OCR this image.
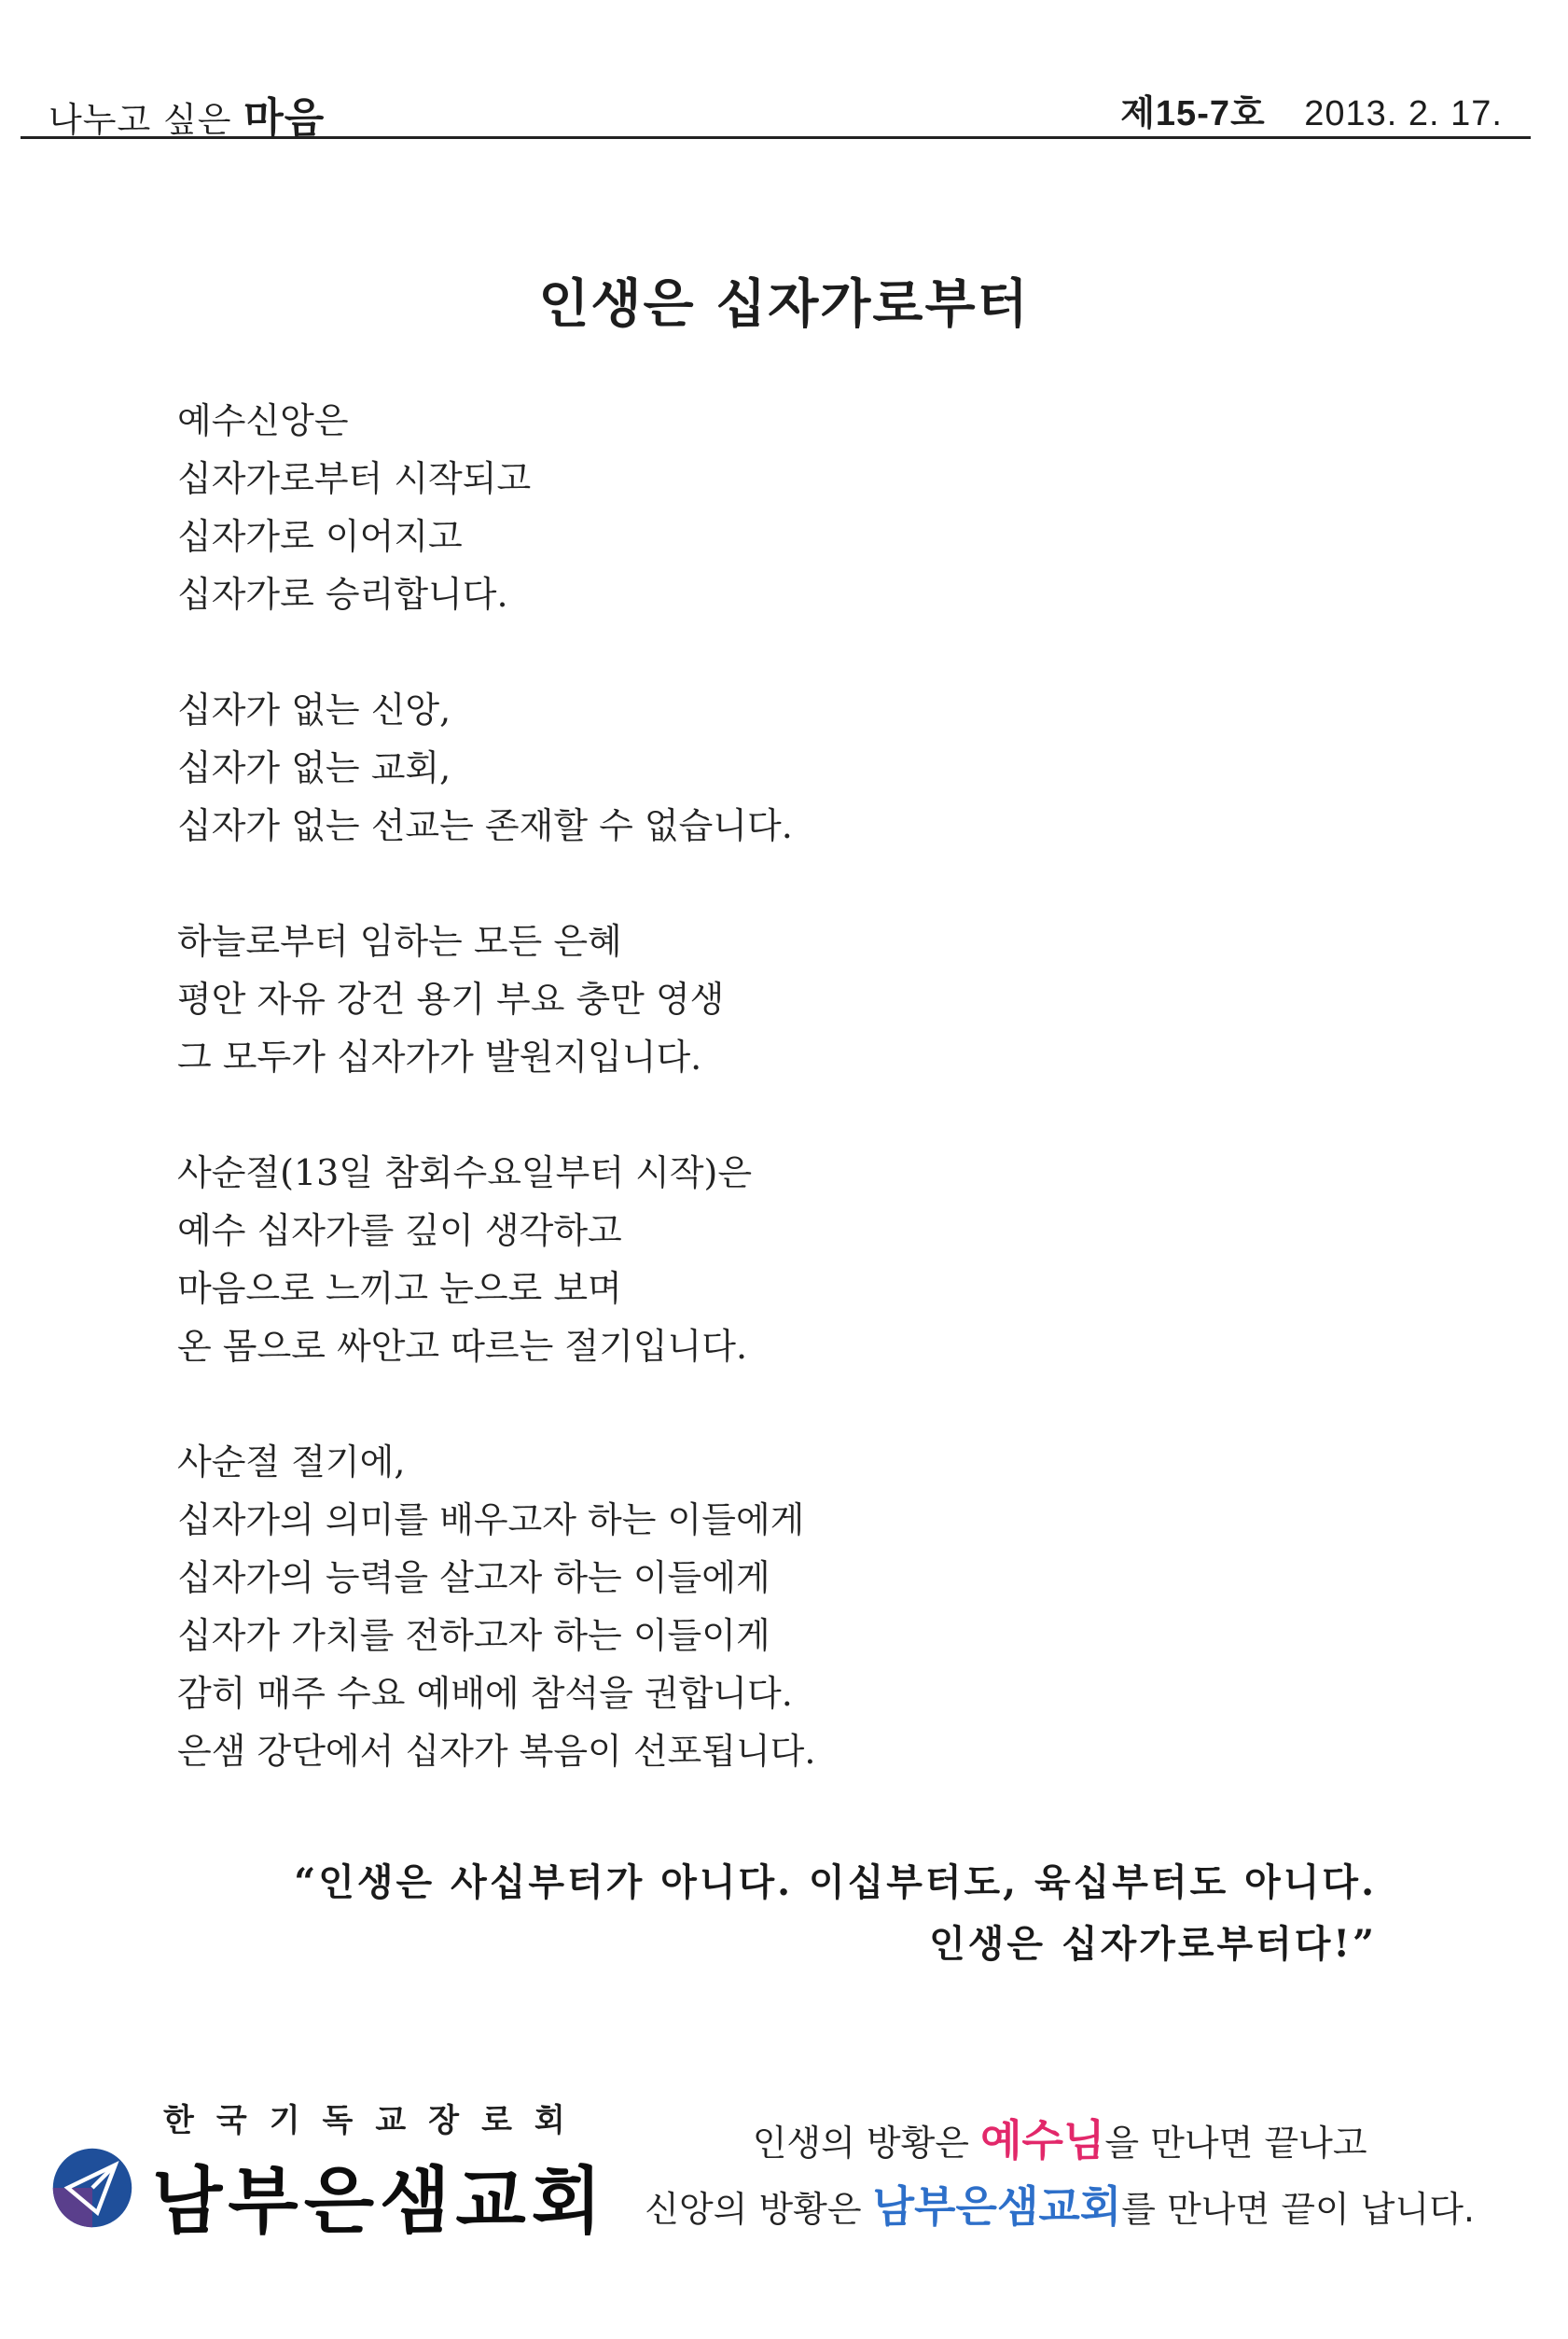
나누고 싶은 마음	제15-7호 2013. 2. 17.
인생은 십자가로부터
예수신앙은
십자가로부터 시작되고
십자가로 이어지고
십자가로 승리합니다.
십자가 없는 신앙,
십자가 없는 교회,
십자가 없는 선교는 존재할 수 없습니다.
하늘로부터 임하는 모든 은혜
평안 자유 강건 용기 부요 충만 영생
그 모두가 십자가가 발원지입니다.
사순절(13일 참회수요일부터 시작)은
예수 십자가를 깊이 생각하고
마음으로 느끼고 눈으로 보며
온 몸으로 싸안고 따르는 절기입니다.
사순절 절기에,
십자가의 의미를 배우고자 하는 이들에게
십자가의 능력을 살고자 하는 이들에게
십자가 가치를 전하고자 하는 이들이게
감히 매주 수요 예배에 참석을 권합니다.
은샘 강단에서 십자가 복음이 선포됩니다.
“인생은 사십부터가 아니다. 이십부터도, 육십부터도 아니다.
인생은 십자가로부터다!”
한국기독교장로회
남부은샘교회
인생의 방황은 예수님을 만나면 끝나고
신앙의 방황은 남부은샘교회를 만나면 끝이 납니다.
